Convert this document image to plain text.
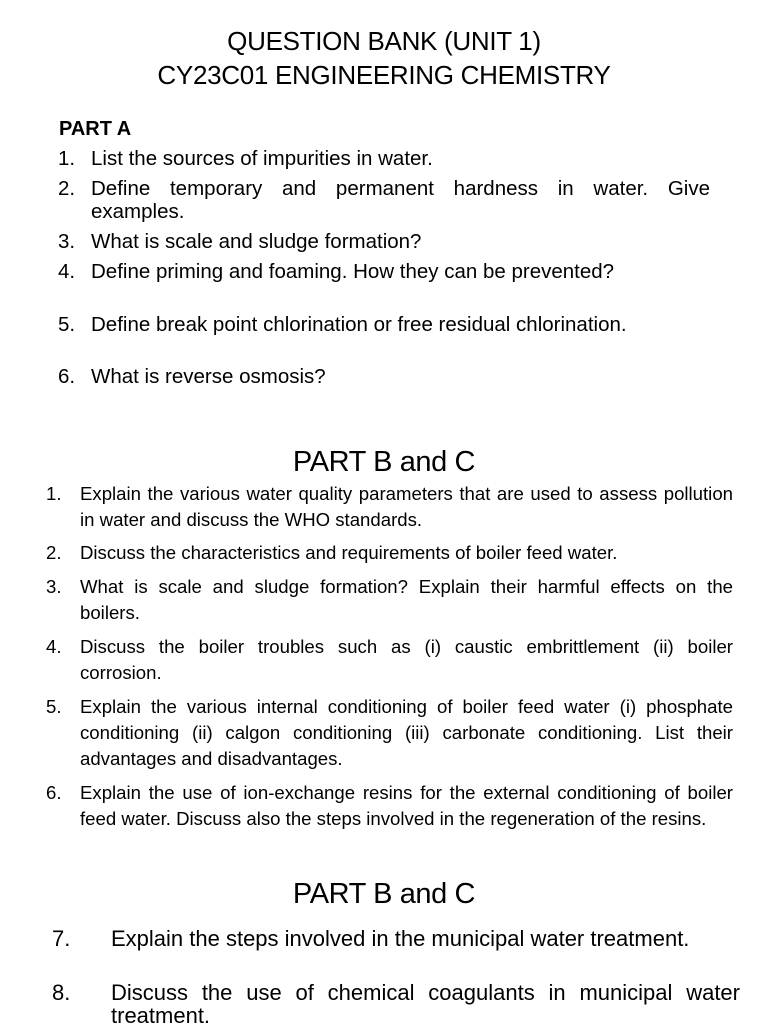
QUESTION BANK (UNIT 1)
CY23C01 ENGINEERING CHEMISTRY
PART A
1. List the sources of impurities in water.
2. Define temporary and permanent hardness in water. Give examples.
3. What is scale and sludge formation?
4. Define priming and foaming. How they can be prevented?
5. Define break point chlorination or free residual chlorination.
6. What is reverse osmosis?
PART B and C
1. Explain the various water quality parameters that are used to assess pollution in water and discuss the WHO standards.
2. Discuss the characteristics and requirements of boiler feed water.
3. What is scale and sludge formation? Explain their harmful effects on the boilers.
4. Discuss the boiler troubles such as (i) caustic embrittlement (ii) boiler corrosion.
5. Explain the various internal conditioning of boiler feed water (i) phosphate conditioning (ii) calgon conditioning (iii) carbonate conditioning. List their advantages and disadvantages.
6. Explain the use of ion-exchange resins for the external conditioning of boiler feed water. Discuss also the steps involved in the regeneration of the resins.
PART B and C
7.	Explain the steps involved in the municipal water treatment.
8.	Discuss the use of chemical coagulants in municipal water treatment.
